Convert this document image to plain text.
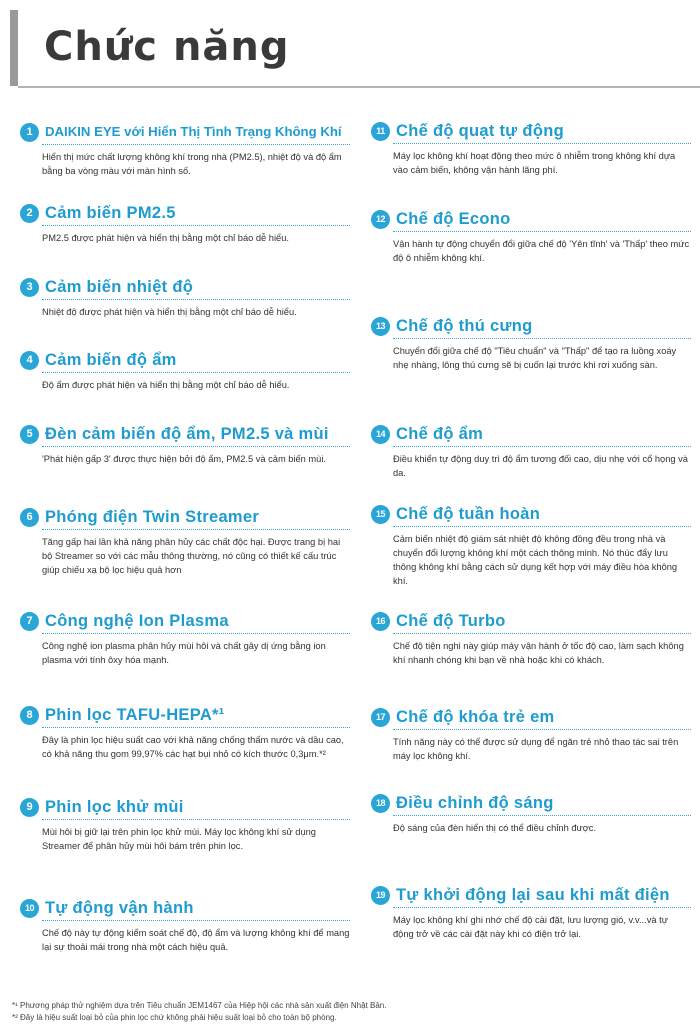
Chức năng
1 DAIKIN EYE với Hiển Thị Tình Trạng Không Khí
Hiển thị mức chất lượng không khí trong nhà (PM2.5), nhiệt độ và độ ẩm bằng ba vòng màu với màn hình số.
2 Cảm biến PM2.5
PM2.5 được phát hiện và hiển thị bằng một chỉ báo dễ hiểu.
3 Cảm biến nhiệt độ
Nhiệt độ được phát hiện và hiển thị bằng một chỉ báo dễ hiểu.
4 Cảm biến độ ẩm
Độ ẩm được phát hiện và hiển thị bằng một chỉ báo dễ hiểu.
5 Đèn cảm biến độ ẩm, PM2.5 và mùi
'Phát hiện gấp 3' được thực hiện bởi độ ẩm, PM2.5 và cảm biến mùi.
6 Phóng điện Twin Streamer
Tăng gấp hai lần khả năng phân hủy các chất độc hại. Được trang bị hai bộ Streamer so với các mẫu thông thường, nó cũng có thiết kế cấu trúc giúp chiếu xạ bộ lọc hiệu quả hơn
7 Công nghệ Ion Plasma
Công nghệ ion plasma phân hủy mùi hôi và chất gây dị ứng bằng ion plasma với tính ôxy hóa mạnh.
8 Phin lọc TAFU-HEPA*¹
Đây là phin lọc hiệu suất cao với khả năng chống thấm nước và dầu cao, có khả năng thu gom 99,97% các hạt bụi nhỏ có kích thước 0,3μm.*²
9 Phin lọc khử mùi
Mùi hôi bị giữ lại trên phin lọc khử mùi. Máy lọc không khí sử dụng Streamer để phân hủy mùi hôi bám trên phin lọc.
10 Tự động vận hành
Chế độ này tự động kiểm soát chế độ, độ ẩm và lượng không khí để mang lại sự thoải mái trong nhà một cách hiệu quả.
11 Chế độ quạt tự động
Máy lọc không khí hoạt động theo mức ô nhiễm trong không khí dựa vào cảm biến, không vận hành lãng phí.
12 Chế độ Econo
Vận hành tự động chuyển đổi giữa chế độ 'Yên tĩnh' và 'Thấp' theo mức độ ô nhiễm không khí.
13 Chế độ thú cưng
Chuyển đổi giữa chế độ "Tiêu chuẩn" và "Thấp" để tạo ra luồng xoáy nhẹ nhàng, lông thú cưng sẽ bị cuốn lại trước khi rơi xuống sàn.
14 Chế độ ẩm
Điều khiển tự động duy trì độ ẩm tương đối cao, dịu nhẹ với cổ họng và da.
15 Chế độ tuần hoàn
Cảm biến nhiệt độ giám sát nhiệt độ không đồng đều trong nhà và chuyển đổi lượng không khí một cách thông minh. Nó thúc đẩy lưu thông không khí bằng cách sử dụng kết hợp với máy điều hòa không khí.
16 Chế độ Turbo
Chế độ tiện nghi này giúp máy vận hành ở tốc độ cao, làm sạch không khí nhanh chóng khi bạn về nhà hoặc khi có khách.
17 Chế độ khóa trẻ em
Tính năng này có thể được sử dụng để ngăn trẻ nhỏ thao tác sai trên máy lọc không khí.
18 Điều chỉnh độ sáng
Độ sáng của đèn hiển thị có thể điều chỉnh được.
19 Tự khởi động lại sau khi mất điện
Máy lọc không khí ghi nhớ chế độ cài đặt, lưu lượng gió, v.v...và tự động trở về các cài đặt này khi có điện trở lại.
*¹ Phương pháp thử nghiệm dựa trên Tiêu chuẩn JEM1467 của Hiệp hội các nhà sản xuất điện Nhật Bản.
*² Đây là hiệu suất loại bỏ của phin lọc chứ không phải hiệu suất loại bỏ cho toàn bộ phòng.
